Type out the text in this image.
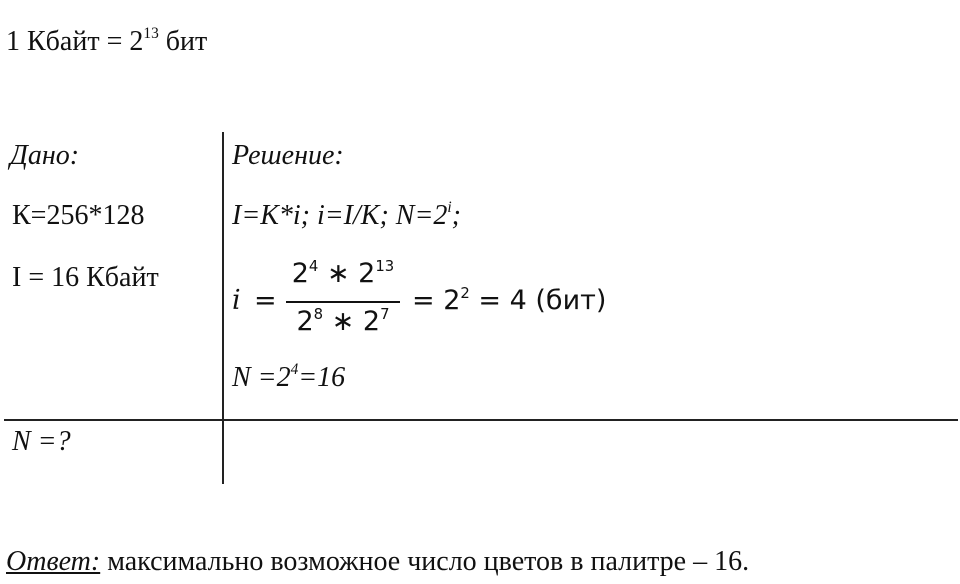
1 Кбайт = $2^{13}$ бит
Дано:
К=256*128
I = 16 Кбайт
N =?
Решение:
I=K*i; i=I/K; $N=2^i$;
𝑖 =
$2^4$ ∗ $2^{13}$
$2^8$ ∗ $2^7 = 2^2 = 4$ (бит)
$N =2^4=16$
Ответ: максимально возможное число цветов в палитре – 16.
